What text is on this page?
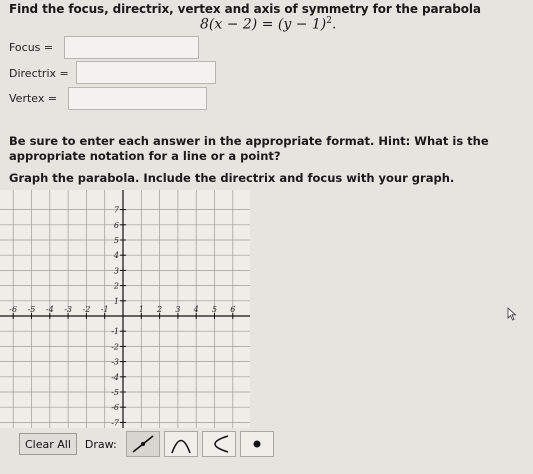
Find the focus, directrix, vertex and axis of symmetry for the parabola
$8(x - 2) = (y - 1)^2$.
Focus =
Directrix =
Vertex =
Be sure to enter each answer in the appropriate format. Hint: What is the appropriate notation for a line or a point?
Graph the parabola. Include the directrix and focus with your graph.
-6 -5 -4 -3 -2 -1	1 2 3 4 5 6
7
6
5
4
3
2
1
-1
-2
-3
-4
-5
-6
-7
Clear All	Draw:
